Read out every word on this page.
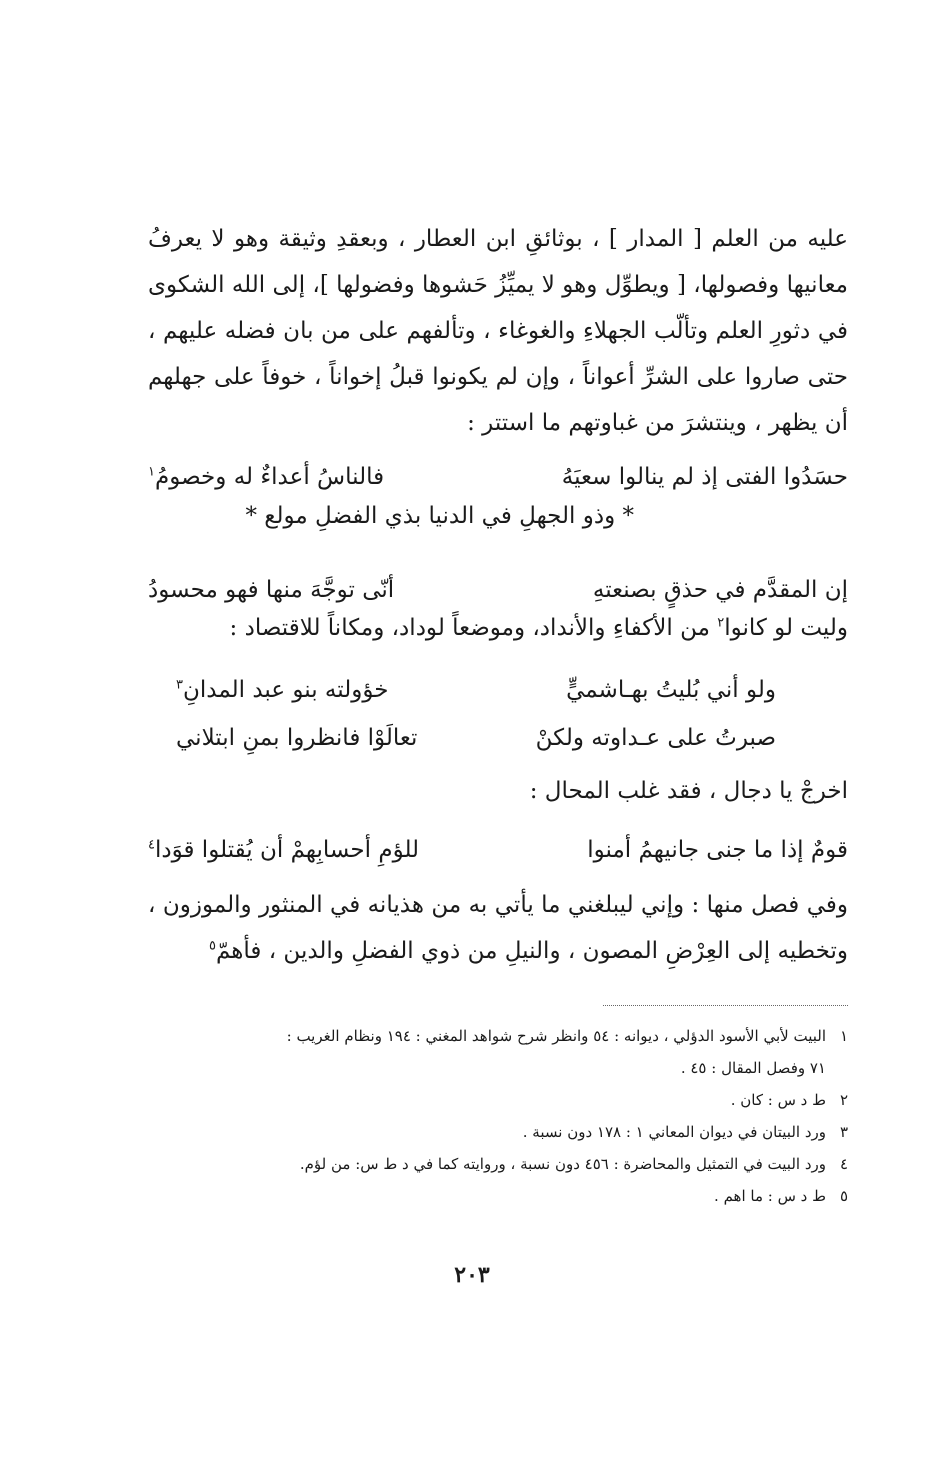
عليه من العلم [ المدار ] ، بوثائقِ ابن العطار ، وبعقدِ وثيقة وهو لا يعرفُ معانيها وفصولها، [ ويطوِّل وهو لا يميِّزُ حَشوها وفضولها ]، إلى الله الشكوى في دثورِ العلم وتألّب الجهلاءِ والغوغاء ، وتألفهم على من بان فضله عليهم ، حتى صاروا على الشرِّ أعواناً ، وإن لم يكونوا قبلُ إخواناً ، خوفاً على جهلهم أن يظهر ، وينتشرَ من غباوتهم ما استتر :
حسَدُوا الفتى إذ لم ينالوا سعيَهُ
فالناسُ أعداءٌ له وخصومُ$^١$
* وذو الجهلِ في الدنيا بذي الفضلِ مولع *
إن المقدَّم في حذقٍ بصنعتهِ
أنّى توجَّهَ منها فهو محسودُ
وليت لو كانوا$^٢$ من الأكفاءِ والأنداد، وموضعاً لوداد، ومكاناً للاقتصاد :
ولو أني بُليتُ بهـاشميٍّ
خؤولته بنو عبد المدانِ$^٣$
صبرتُ على عـداوته ولكنْ
تعالَوْا فانظروا بمنِ ابتلاني
اخرجْ يا دجال ، فقد غلب المحال :
قومٌ إذا ما جنى جانيهمُ أمنوا
للؤمِ أحسابِهمْ أن يُقتلوا قوَدا$^٤$
وفي فصل منها : وإني ليبلغني ما يأتي به من هذيانه في المنثور والموزون ، وتخطيه إلى العِرْضِ المصون ، والنيلِ من ذوي الفضلِ والدين ، فأهمّ$^٥$
١
البيت لأبي الأسود الدؤلي ، ديوانه : ٥٤ وانظر شرح شواهد المغني : ١٩٤ ونظام الغريب :
٧١ وفصل المقال : ٤٥ .
٢
ط د س : كان .
٣
ورد البيتان في ديوان المعاني ١ : ١٧٨ دون نسبة .
٤
ورد البيت في التمثيل والمحاضرة : ٤٥٦ دون نسبة ، وروايته كما في د ط س: من لؤم.
٥
ط د س : ما اهم .
٢٠٣
